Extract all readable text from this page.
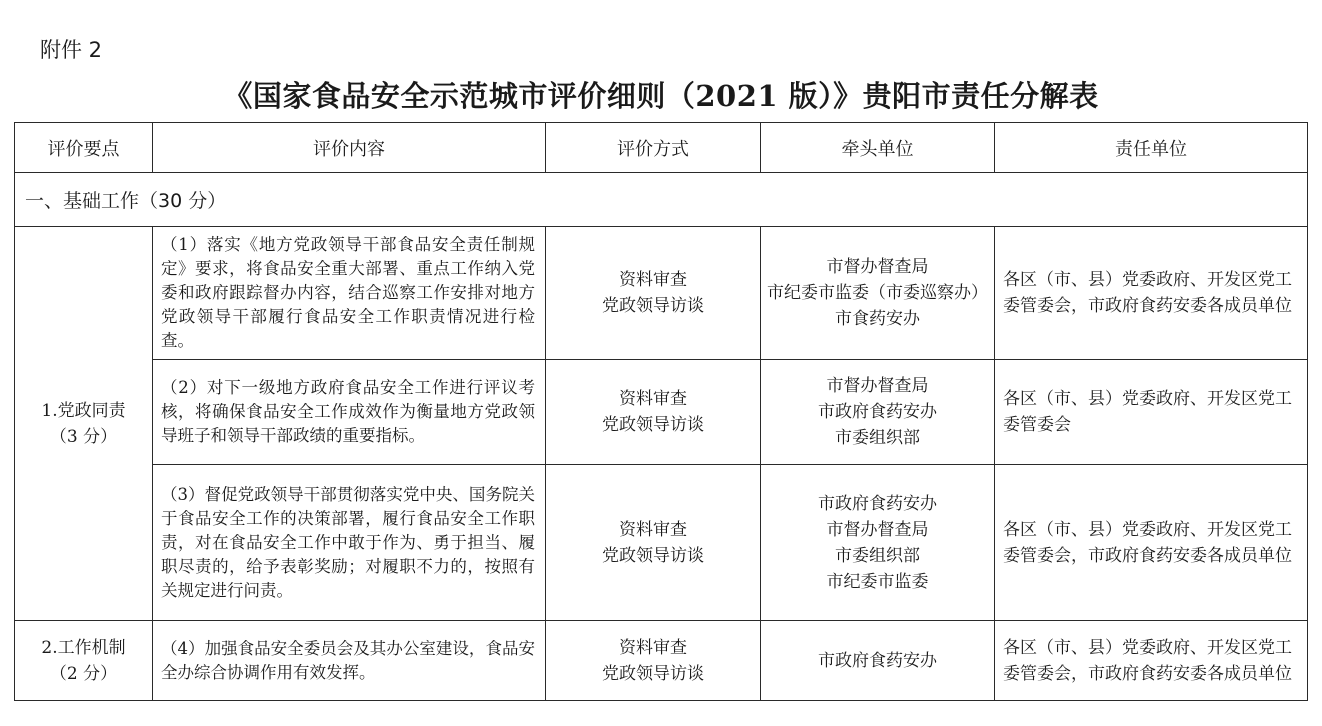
附件 2
《国家食品安全示范城市评价细则（2021 版）》贵阳市责任分解表
评价要点	评价内容	评价方式	牵头单位	责任单位
一、基础工作（30 分）				

1.党政同责
（3 分）	（1）落实《地方党政领导干部食品安全责任制规定》要求，将食品安全重大部署、重点工作纳入党委和政府跟踪督办内容，结合巡察工作安排对地方党政领导干部履行食品安全工作职责情况进行检查。	资料审查
党政领导访谈	市督办督查局
市纪委市监委（市委巡察办）
市食药安办	各区（市、县）党委政府、开发区党工委管委会，市政府食药安委各成员单位
	（2）对下一级地方政府食品安全工作进行评议考核，将确保食品安全工作成效作为衡量地方党政领导班子和领导干部政绩的重要指标。	资料审查
党政领导访谈	市督办督查局
市政府食药安办
市委组织部	各区（市、县）党委政府、开发区党工委管委会
	（3）督促党政领导干部贯彻落实党中央、国务院关于食品安全工作的决策部署，履行食品安全工作职责，对在食品安全工作中敢于作为、勇于担当、履职尽责的，给予表彰奖励；对履职不力的，按照有关规定进行问责。	资料审查
党政领导访谈	市政府食药安办
市督办督查局
市委组织部
市纪委市监委	各区（市、县）党委政府、开发区党工委管委会，市政府食药安委各成员单位

2.工作机制
（2 分）	（4）加强食品安全委员会及其办公室建设，食品安全办综合协调作用有效发挥。	资料审查
党政领导访谈	市政府食药安办	各区（市、县）党委政府、开发区党工委管委会，市政府食药安委各成员单位
